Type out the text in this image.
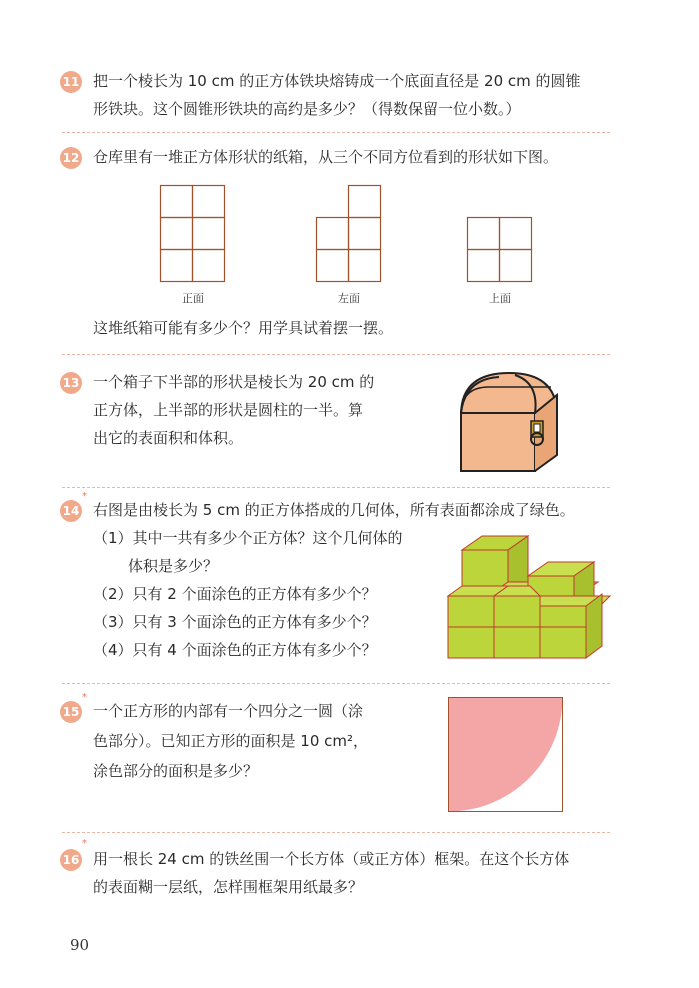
11 把一个棱长为 10 cm 的正方体铁块熔铸成一个底面直径是 20 cm 的圆锥
形铁块。这个圆锥形铁块的高约是多少？（得数保留一位小数。）
12 仓库里有一堆正方体形状的纸箱，从三个不同方位看到的形状如下图。
正面	左面	上面
这堆纸箱可能有多少个？用学具试着摆一摆。
13 一个箱子下半部的形状是棱长为 20 cm 的
正方体，上半部的形状是圆柱的一半。算
出它的表面积和体积。
*
14 右图是由棱长为 5 cm 的正方体搭成的几何体，所有表面都涂成了绿色。
（1）其中一共有多少个正方体？这个几何体的
体积是多少？
（2）只有 2 个面涂色的正方体有多少个？
（3）只有 3 个面涂色的正方体有多少个？
（4）只有 4 个面涂色的正方体有多少个？
*
15 一个正方形的内部有一个四分之一圆（涂
色部分）。已知正方形的面积是 10 cm²，
涂色部分的面积是多少？
*
16 用一根长 24 cm 的铁丝围一个长方体（或正方体）框架。在这个长方体
的表面糊一层纸，怎样围框架用纸最多？
90
